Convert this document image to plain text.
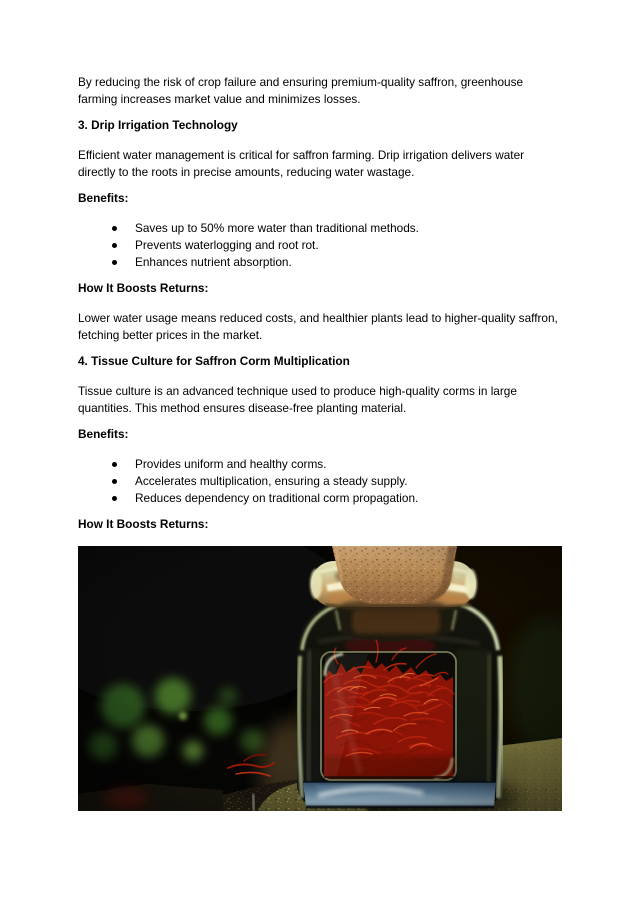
By reducing the risk of crop failure and ensuring premium-quality saffron, greenhouse
farming increases market value and minimizes losses.
3. Drip Irrigation Technology
Efficient water management is critical for saffron farming. Drip irrigation delivers water
directly to the roots in precise amounts, reducing water wastage.
Benefits:
Saves up to 50% more water than traditional methods.
Prevents waterlogging and root rot.
Enhances nutrient absorption.
How It Boosts Returns:
Lower water usage means reduced costs, and healthier plants lead to higher-quality saffron,
fetching better prices in the market.
4. Tissue Culture for Saffron Corm Multiplication
Tissue culture is an advanced technique used to produce high-quality corms in large
quantities. This method ensures disease-free planting material.
Benefits:
Provides uniform and healthy corms.
Accelerates multiplication, ensuring a steady supply.
Reduces dependency on traditional corm propagation.
How It Boosts Returns:
